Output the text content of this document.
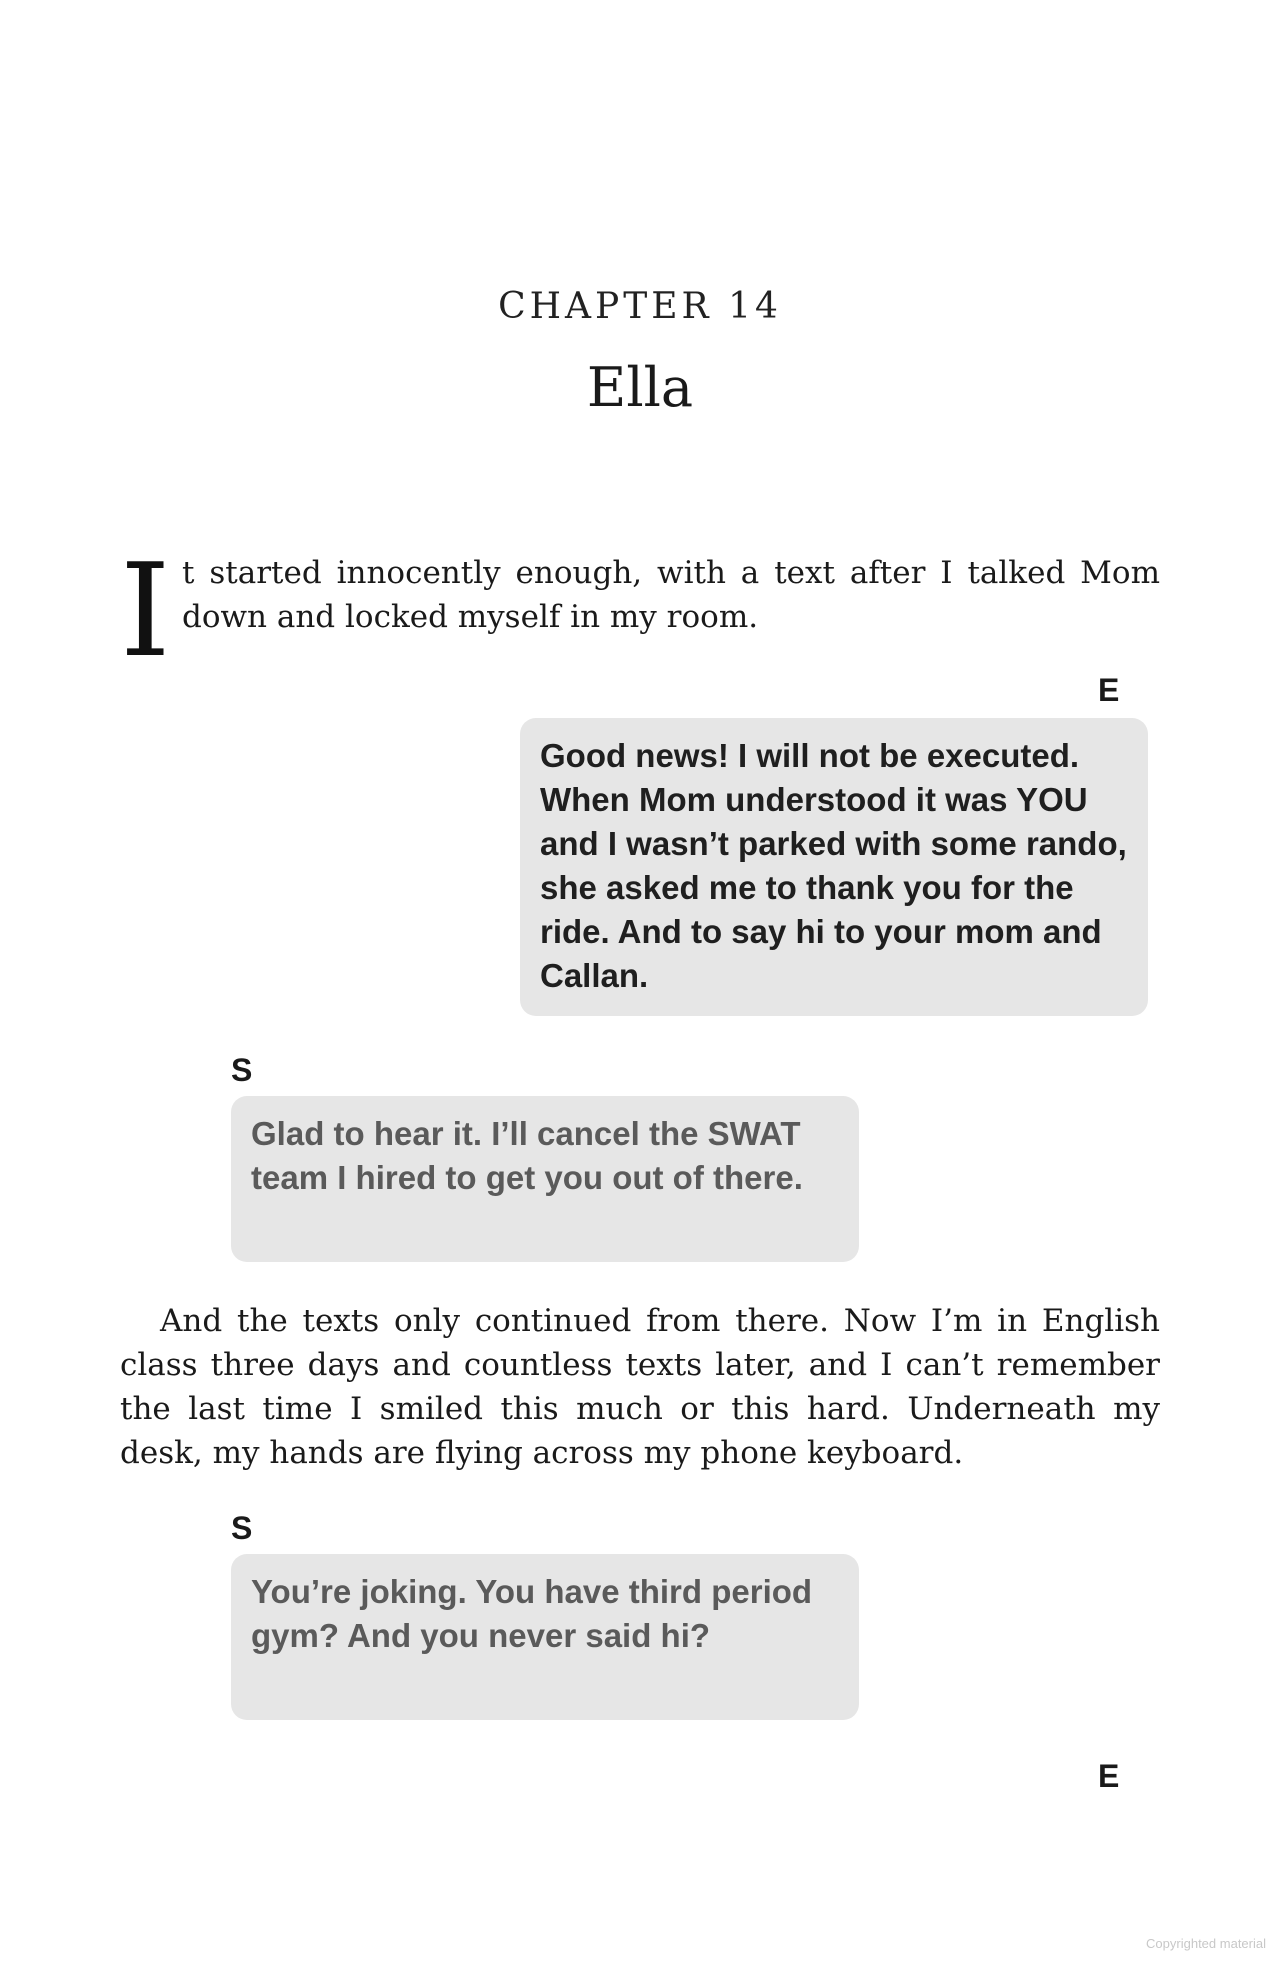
CHAPTER 14
Ella
I t started innocently enough, with a text after I talked Mom down and locked myself in my room.
E
Good news! I will not be executed. When Mom understood it was YOU and I wasn’t parked with some rando, she asked me to thank you for the ride. And to say hi to your mom and Callan.
S
Glad to hear it. I’ll cancel the SWAT team I hired to get you out of there.
And the texts only continued from there. Now I’m in English class three days and countless texts later, and I can’t remember the last time I smiled this much or this hard. Underneath my desk, my hands are flying across my phone keyboard.
S
You’re joking. You have third period gym? And you never said hi?
E
Copyrighted material
